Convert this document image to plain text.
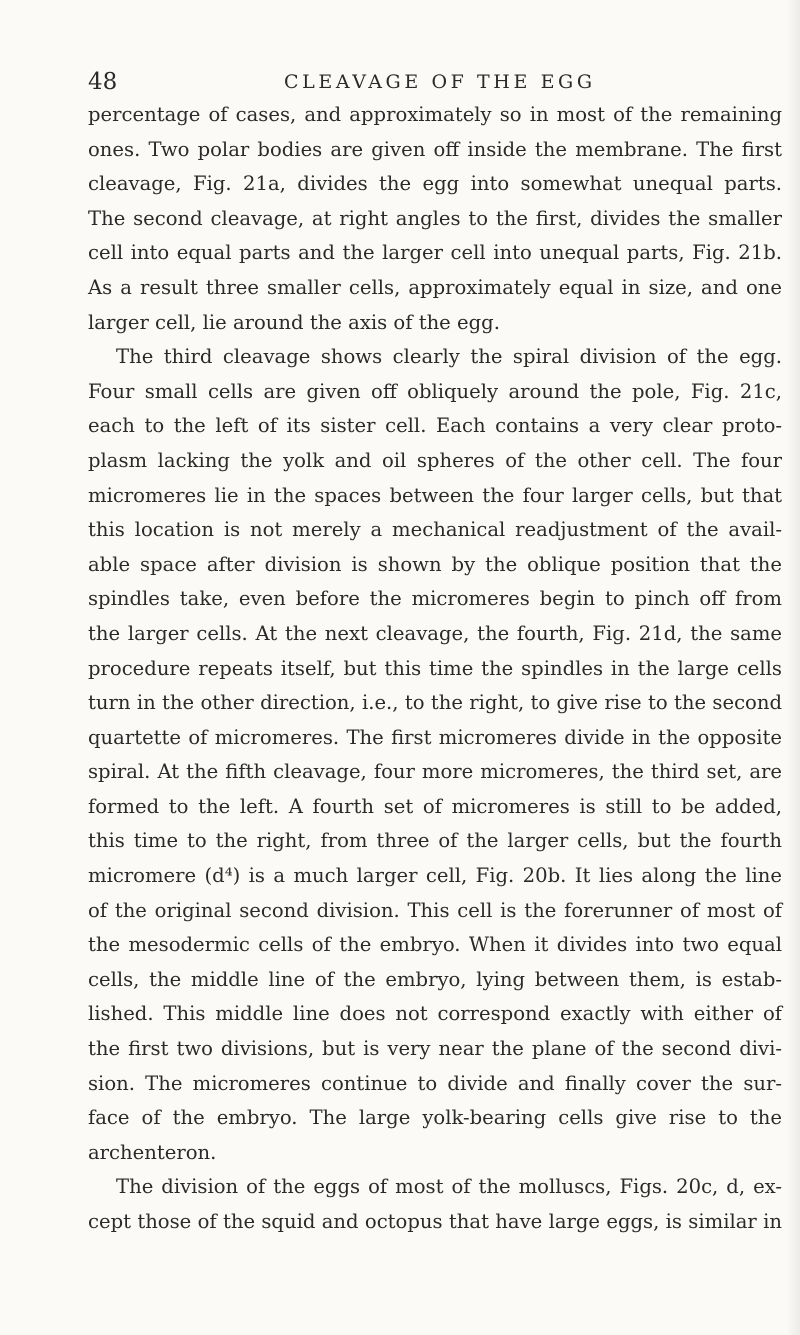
48	CLEAVAGE OF THE EGG
percentage of cases, and approximately so in most of the remaining
ones. Two polar bodies are given off inside the membrane. The first
cleavage, Fig. 21a, divides the egg into somewhat unequal parts.
The second cleavage, at right angles to the first, divides the smaller
cell into equal parts and the larger cell into unequal parts, Fig. 21b.
As a result three smaller cells, approximately equal in size, and one
larger cell, lie around the axis of the egg.
The third cleavage shows clearly the spiral division of the egg.
Four small cells are given off obliquely around the pole, Fig. 21c,
each to the left of its sister cell. Each contains a very clear proto-
plasm lacking the yolk and oil spheres of the other cell. The four
micromeres lie in the spaces between the four larger cells, but that
this location is not merely a mechanical readjustment of the avail-
able space after division is shown by the oblique position that the
spindles take, even before the micromeres begin to pinch off from
the larger cells. At the next cleavage, the fourth, Fig. 21d, the same
procedure repeats itself, but this time the spindles in the large cells
turn in the other direction, i.e., to the right, to give rise to the second
quartette of micromeres. The first micromeres divide in the opposite
spiral. At the fifth cleavage, four more micromeres, the third set, are
formed to the left. A fourth set of micromeres is still to be added,
this time to the right, from three of the larger cells, but the fourth
micromere (d⁴) is a much larger cell, Fig. 20b. It lies along the line
of the original second division. This cell is the forerunner of most of
the mesodermic cells of the embryo. When it divides into two equal
cells, the middle line of the embryo, lying between them, is estab-
lished. This middle line does not correspond exactly with either of
the first two divisions, but is very near the plane of the second divi-
sion. The micromeres continue to divide and finally cover the sur-
face of the embryo. The large yolk-bearing cells give rise to the
archenteron.
The division of the eggs of most of the molluscs, Figs. 20c, d, ex-
cept those of the squid and octopus that have large eggs, is similar in
